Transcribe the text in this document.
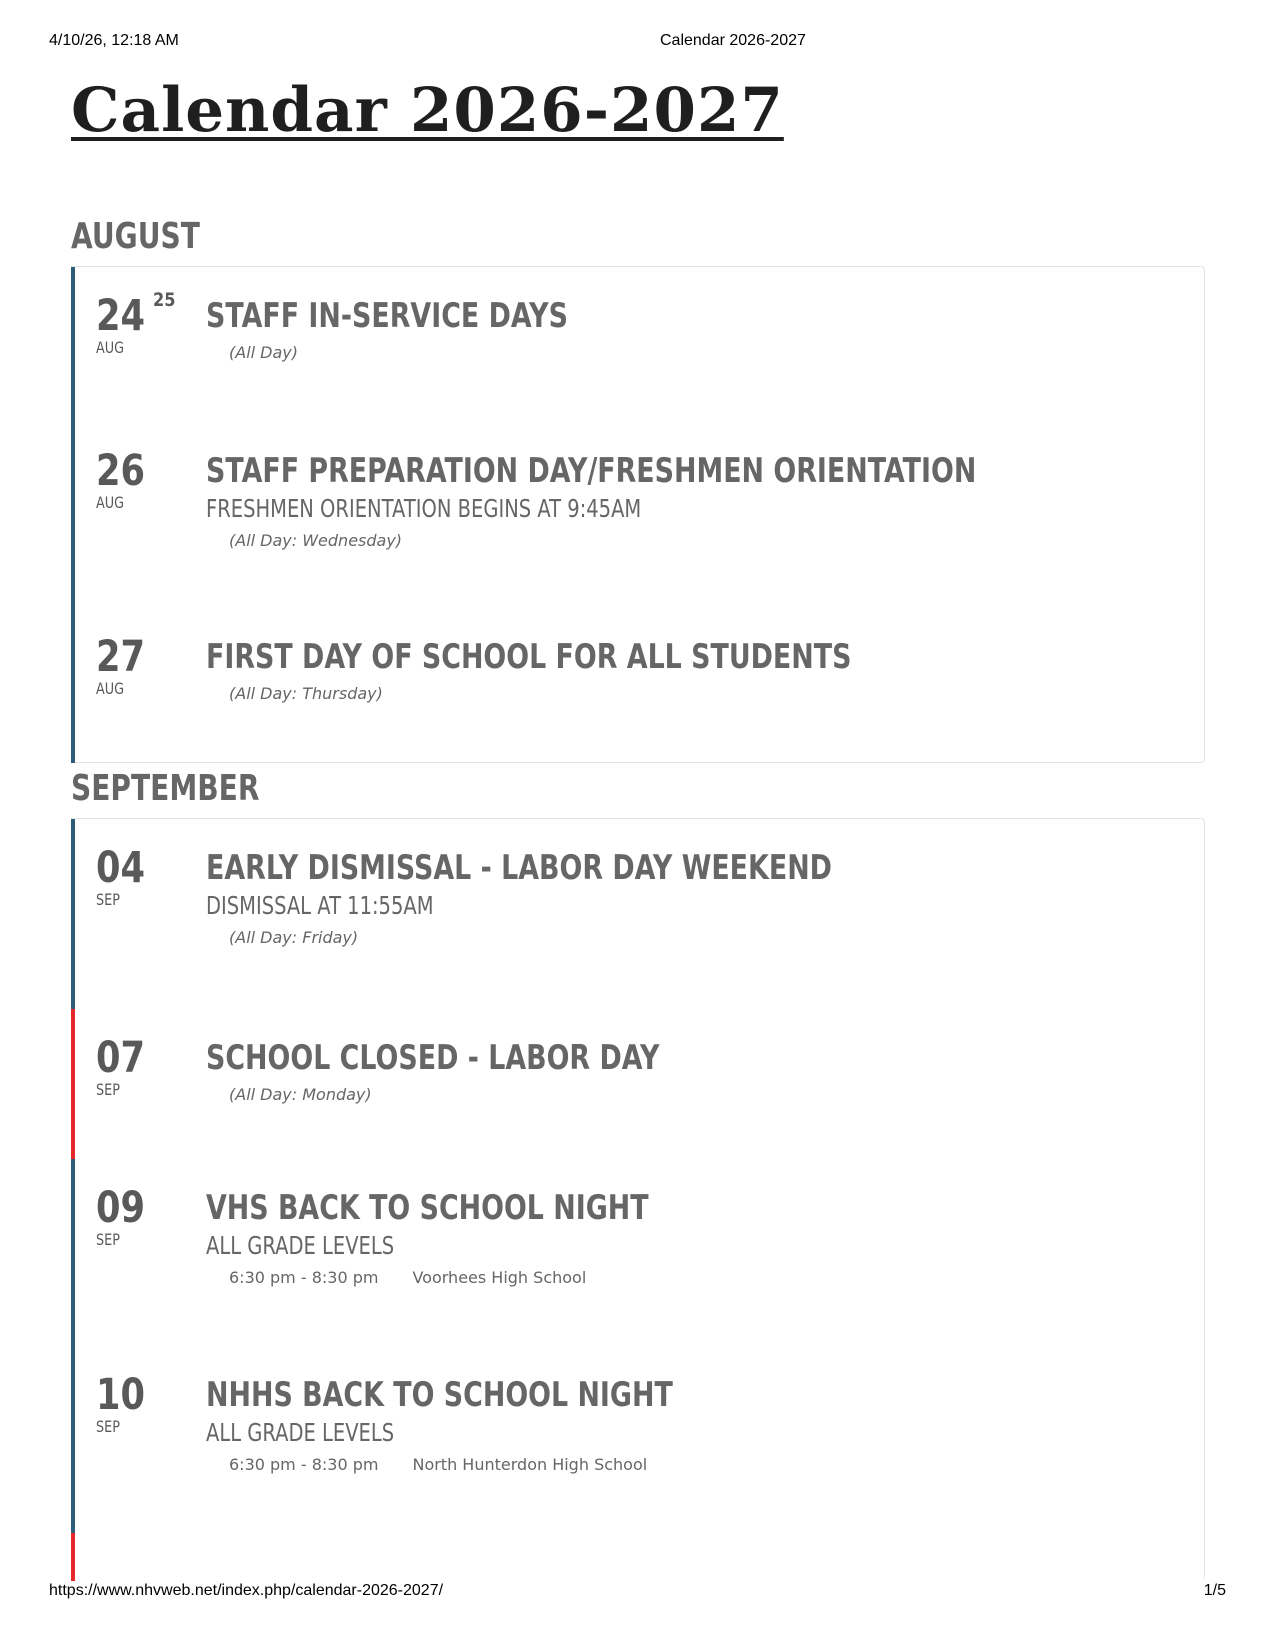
4/10/26, 12:18 AM	Calendar 2026-2027
Calendar 2026-2027
AUGUST
24 25
AUG
STAFF IN-SERVICE DAYS
(All Day)
26
AUG
STAFF PREPARATION DAY/FRESHMEN ORIENTATION

FRESHMEN ORIENTATION BEGINS AT 9:45AM

(All Day: Wednesday)
27
AUG
FIRST DAY OF SCHOOL FOR ALL STUDENTS
(All Day: Thursday)
SEPTEMBER
04
SEP
EARLY DISMISSAL - LABOR DAY WEEKEND

DISMISSAL AT 11:55AM

(All Day: Friday)
07
SEP
SCHOOL CLOSED - LABOR DAY
(All Day: Monday)
09
SEP
VHS BACK TO SCHOOL NIGHT

ALL GRADE LEVELS

6:30 pm - 8:30 pm Voorhees High School
10
SEP
NHHS BACK TO SCHOOL NIGHT

ALL GRADE LEVELS

6:30 pm - 8:30 pm North Hunterdon High School
https://www.nhvweb.net/index.php/calendar-2026-2027/	1/5
